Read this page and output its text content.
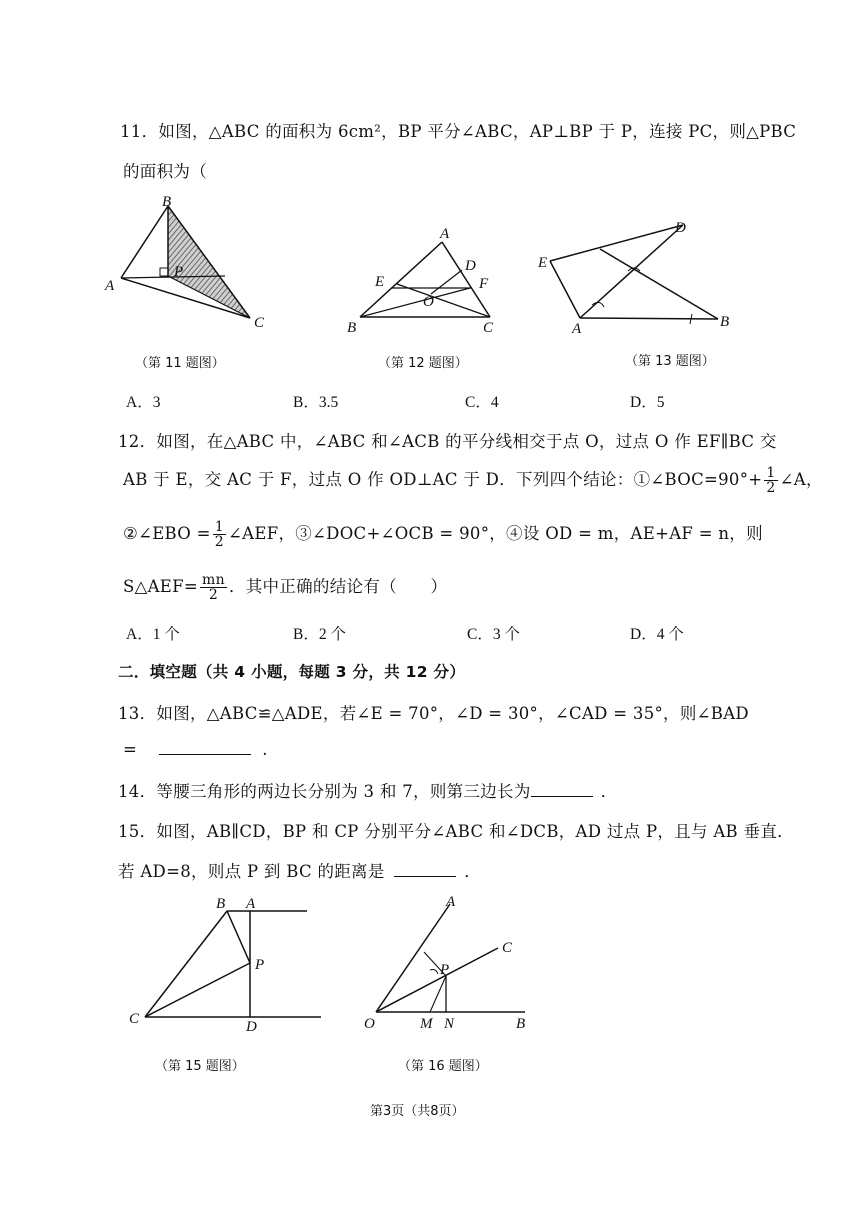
11．如图，△ABC 的面积为 6cm²，BP 平分∠ABC，AP⊥BP 于 P，连接 PC，则△PBC
的面积为（
B
A
C
P
A
D
E	F
O
B	C
D
E
A	B
（第 11 题图）	（第 12 题图）	（第 13 题图）
A．3	B．3.5	C．4	D．5
12．如图，在△ABC 中，∠ABC 和∠ACB 的平分线相交于点 O，过点 O 作 EF∥BC 交
AB 于 E，交 AC 于 F，过点 O 作 OD⊥AC 于 D．下列四个结论：①∠BOC=90°+ $\frac{1}{2}$ ∠A，
②∠EBO = $\frac{1}{2}$ ∠AEF，③∠DOC+∠OCB = 90°，④设 OD = m，AE+AF = n，则
S△AEF= $\frac{mn}{2}$ ．其中正确的结论有（　　）
A．1 个	B．2 个	C．3 个	D．4 个
二．填空题（共 4 小题，每题 3 分，共 12 分）
13．如图，△ABC≌△ADE，若∠E = 70°，∠D = 30°，∠CAD = 35°，则∠BAD
=	.
14．等腰三角形的两边长分别为 3 和 7，则第三边长为	．
15．如图，AB∥CD，BP 和 CP 分别平分∠ABC 和∠DCB，AD 过点 P，且与 AB 垂直．
若 AD=8，则点 P 到 BC 的距离是	．
B A
P
C	D
A
C
P
O	M N	B
（第 15 题图）	（第 16 题图）
第3页（共8页）
